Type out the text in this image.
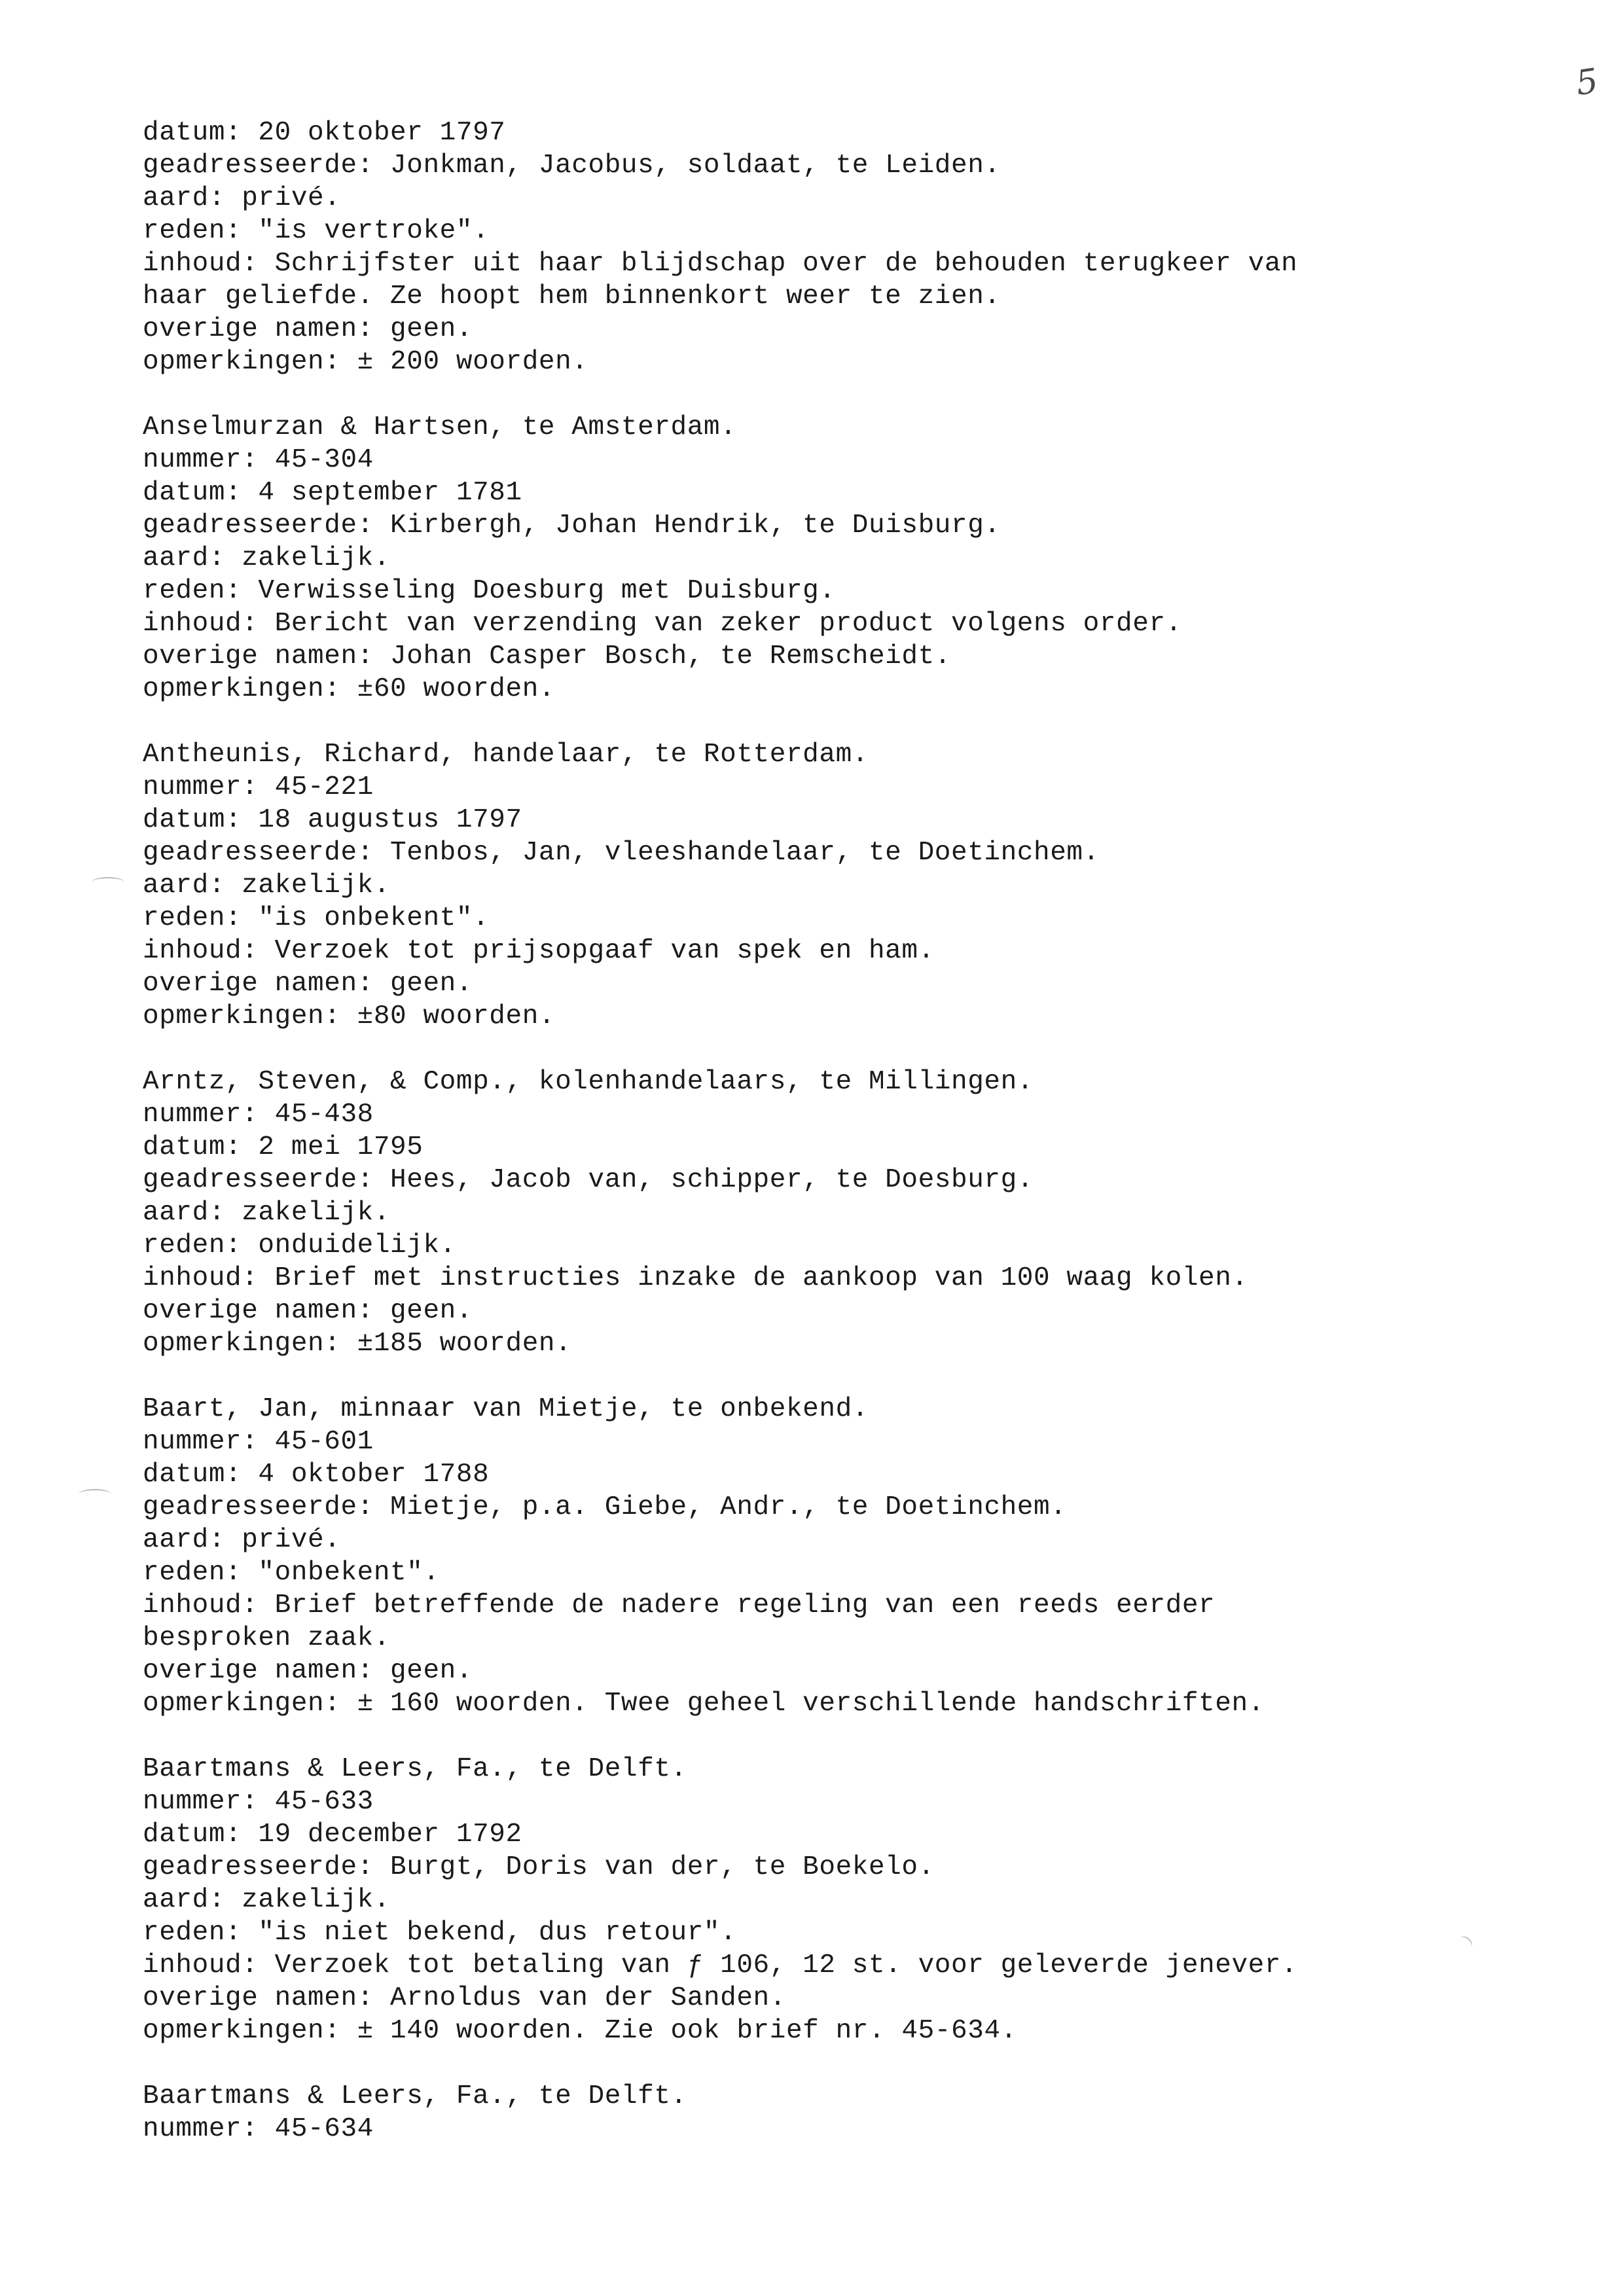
5
datum: 20 oktober 1797
geadresseerde: Jonkman, Jacobus, soldaat, te Leiden.
aard: privé.
reden: "is vertroke".
inhoud: Schrijfster uit haar blijdschap over de behouden terugkeer van
haar geliefde. Ze hoopt hem binnenkort weer te zien.
overige namen: geen.
opmerkingen: ± 200 woorden.
Anselmurzan & Hartsen, te Amsterdam.
nummer: 45-304
datum: 4 september 1781
geadresseerde: Kirbergh, Johan Hendrik, te Duisburg.
aard: zakelijk.
reden: Verwisseling Doesburg met Duisburg.
inhoud: Bericht van verzending van zeker product volgens order.
overige namen: Johan Casper Bosch, te Remscheidt.
opmerkingen: ±60 woorden.
Antheunis, Richard, handelaar, te Rotterdam.
nummer: 45-221
datum: 18 augustus 1797
geadresseerde: Tenbos, Jan, vleeshandelaar, te Doetinchem.
aard: zakelijk.
reden: "is onbekent".
inhoud: Verzoek tot prijsopgaaf van spek en ham.
overige namen: geen.
opmerkingen: ±80 woorden.
Arntz, Steven, & Comp., kolenhandelaars, te Millingen.
nummer: 45-438
datum: 2 mei 1795
geadresseerde: Hees, Jacob van, schipper, te Doesburg.
aard: zakelijk.
reden: onduidelijk.
inhoud: Brief met instructies inzake de aankoop van 100 waag kolen.
overige namen: geen.
opmerkingen: ±185 woorden.
Baart, Jan, minnaar van Mietje, te onbekend.
nummer: 45-601
datum: 4 oktober 1788
geadresseerde: Mietje, p.a. Giebe, Andr., te Doetinchem.
aard: privé.
reden: "onbekent".
inhoud: Brief betreffende de nadere regeling van een reeds eerder
besproken zaak.
overige namen: geen.
opmerkingen: ± 160 woorden. Twee geheel verschillende handschriften.
Baartmans & Leers, Fa., te Delft.
nummer: 45-633
datum: 19 december 1792
geadresseerde: Burgt, Doris van der, te Boekelo.
aard: zakelijk.
reden: "is niet bekend, dus retour".
inhoud: Verzoek tot betaling van ƒ 106, 12 st. voor geleverde jenever.
overige namen: Arnoldus van der Sanden.
opmerkingen: ± 140 woorden. Zie ook brief nr. 45-634.
Baartmans & Leers, Fa., te Delft.
nummer: 45-634
